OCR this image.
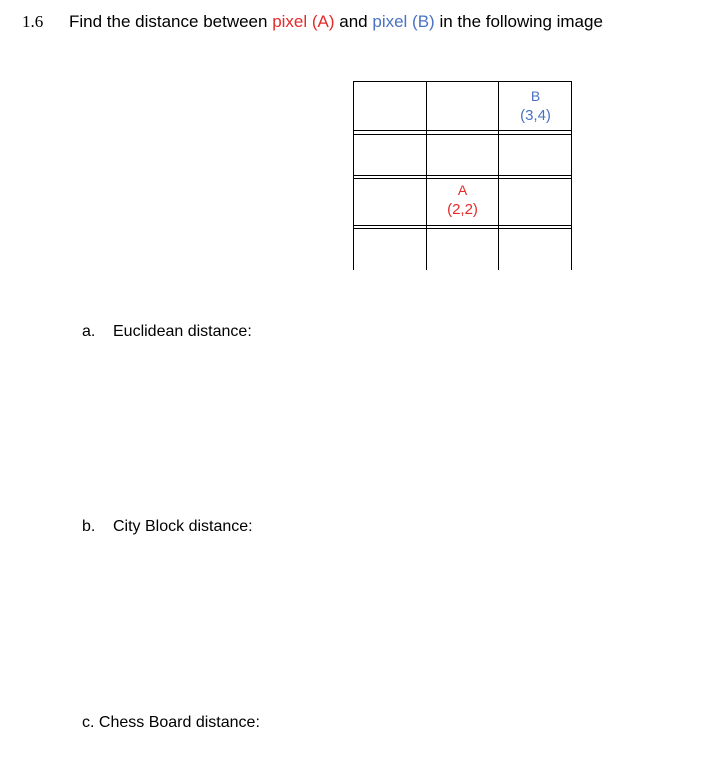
1.6 Find the distance between pixel (A) and pixel (B) in the following image
B
(3,4)
A
(2,2)
a. Euclidean distance:
b. City Block distance:
c. Chess Board distance:
